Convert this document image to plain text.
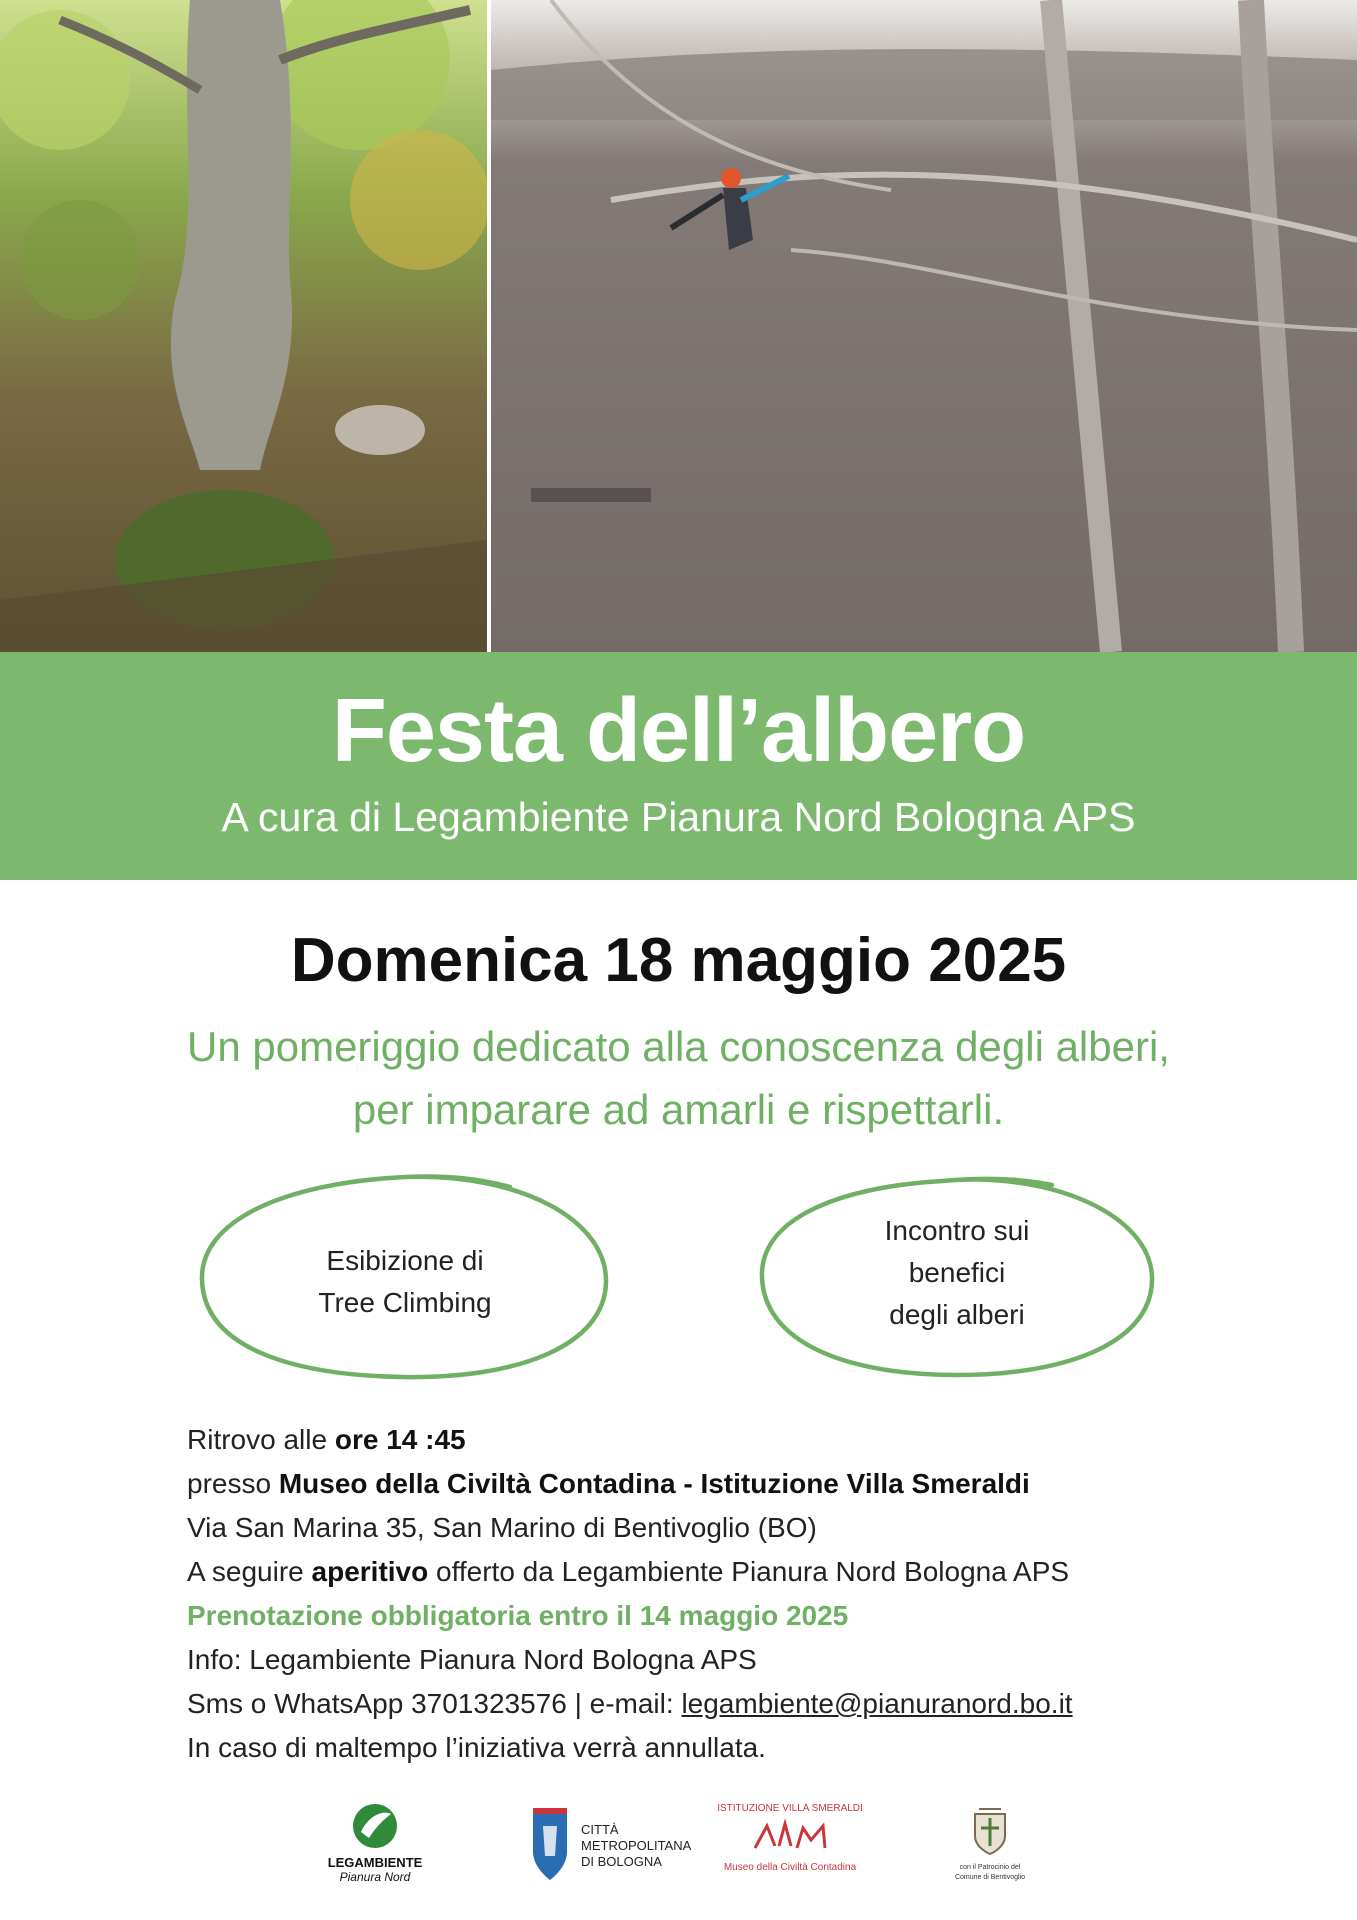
Festa dell’albero
A cura di Legambiente Pianura Nord Bologna APS
Domenica 18 maggio 2025
Un pomeriggio dedicato alla conoscenza degli alberi,
per imparare ad amarli e rispettarli.
Esibizione di
Tree Climbing
Incontro sui
benefici
degli alberi
Ritrovo alle ore 14 :45
presso Museo della Civiltà Contadina - Istituzione Villa Smeraldi
Via San Marina 35, San Marino di Bentivoglio (BO)
A seguire aperitivo offerto da Legambiente Pianura Nord Bologna APS
Prenotazione obbligatoria entro il 14 maggio 2025
Info: Legambiente Pianura Nord Bologna APS
Sms o WhatsApp 3701323576 | e-mail: legambiente@pianuranord.bo.it
In caso di maltempo l’iniziativa verrà annullata.
LEGAMBIENTE
Pianura Nord
CITTÀ
METROPOLITANA
DI BOLOGNA
ISTITUZIONE VILLA SMERALDI
Museo della Civiltà Contadina	con il Patrocinio del
Comune di Bentivoglio
